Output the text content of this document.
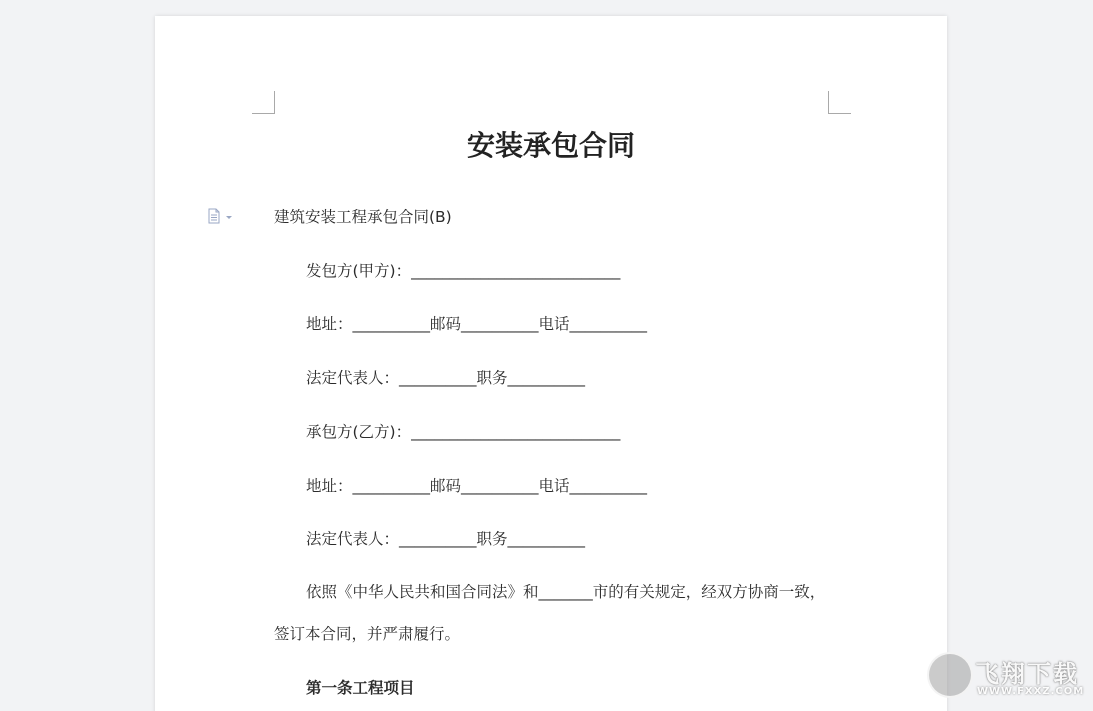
安装承包合同
建筑安装工程承包合同(B)
发包方(甲方)：___________________________
地址：__________邮码__________电话__________
法定代表人：__________职务__________
承包方(乙方)：___________________________
地址：__________邮码__________电话__________
法定代表人：__________职务__________
依照《中华人民共和国合同法》和_______市的有关规定，经双方协商一致，
签订本合同，并严肃履行。
第一条工程项目	飞翔下载
WWW.FXXZ.COM
